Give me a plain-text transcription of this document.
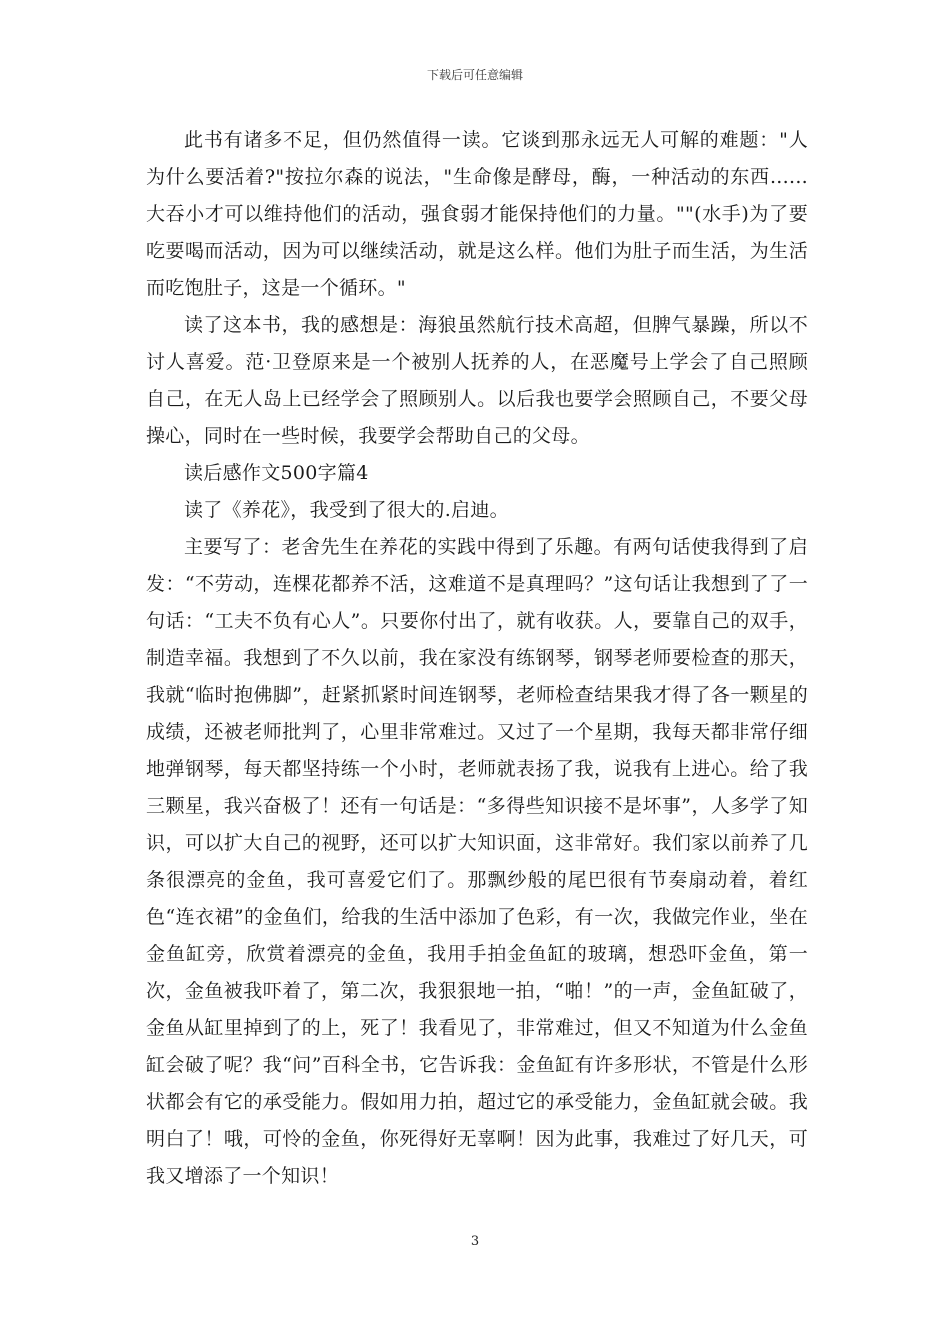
下载后可任意编辑

此书有诸多不足，但仍然值得一读。它谈到那永远无人可解的难题："人为什么要活着?"按拉尔森的说法，"生命像是酵母，酶，一种活动的东西......大吞小才可以维持他们的活动，强食弱才能保持他们的力量。""(水手)为了要吃要喝而活动，因为可以继续活动，就是这么样。他们为肚子而生活，为生活而吃饱肚子，这是一个循环。"

读了这本书，我的感想是：海狼虽然航行技术高超，但脾气暴躁，所以不讨人喜爱。范·卫登原来是一个被别人抚养的人，在恶魔号上学会了自己照顾自己，在无人岛上已经学会了照顾别人。以后我也要学会照顾自己，不要父母操心，同时在一些时候，我要学会帮助自己的父母。

读后感作文500字篇4

读了《养花》，我受到了很大的.启迪。

主要写了：老舍先生在养花的实践中得到了乐趣。有两句话使我得到了启发：“不劳动，连棵花都养不活，这难道不是真理吗？”这句话让我想到了了一句话：“工夫不负有心人”。只要你付出了，就有收获。人，要靠自己的双手，制造幸福。我想到了不久以前，我在家没有练钢琴，钢琴老师要检查的那天，我就“临时抱佛脚”，赶紧抓紧时间连钢琴，老师检查结果我才得了各一颗星的成绩，还被老师批判了，心里非常难过。又过了一个星期，我每天都非常仔细地弹钢琴，每天都坚持练一个小时，老师就表扬了我，说我有上进心。给了我三颗星，我兴奋极了！还有一句话是：“多得些知识接不是坏事”，人多学了知识，可以扩大自己的视野，还可以扩大知识面，这非常好。我们家以前养了几条很漂亮的金鱼，我可喜爱它们了。那飘纱般的尾巴很有节奏扇动着，着红色“连衣裙”的金鱼们，给我的生活中添加了色彩，有一次，我做完作业，坐在金鱼缸旁，欣赏着漂亮的金鱼，我用手拍金鱼缸的玻璃，想恐吓金鱼，第一次，金鱼被我吓着了，第二次，我狠狠地一拍，“啪！”的一声，金鱼缸破了，金鱼从缸里掉到了的上，死了！我看见了，非常难过，但又不知道为什么金鱼缸会破了呢？我“问”百科全书，它告诉我：金鱼缸有许多形状，不管是什么形状都会有它的承受能力。假如用力拍，超过它的承受能力，金鱼缸就会破。我明白了！哦，可怜的金鱼，你死得好无辜啊！因为此事，我难过了好几天，可我又增添了一个知识！

3
